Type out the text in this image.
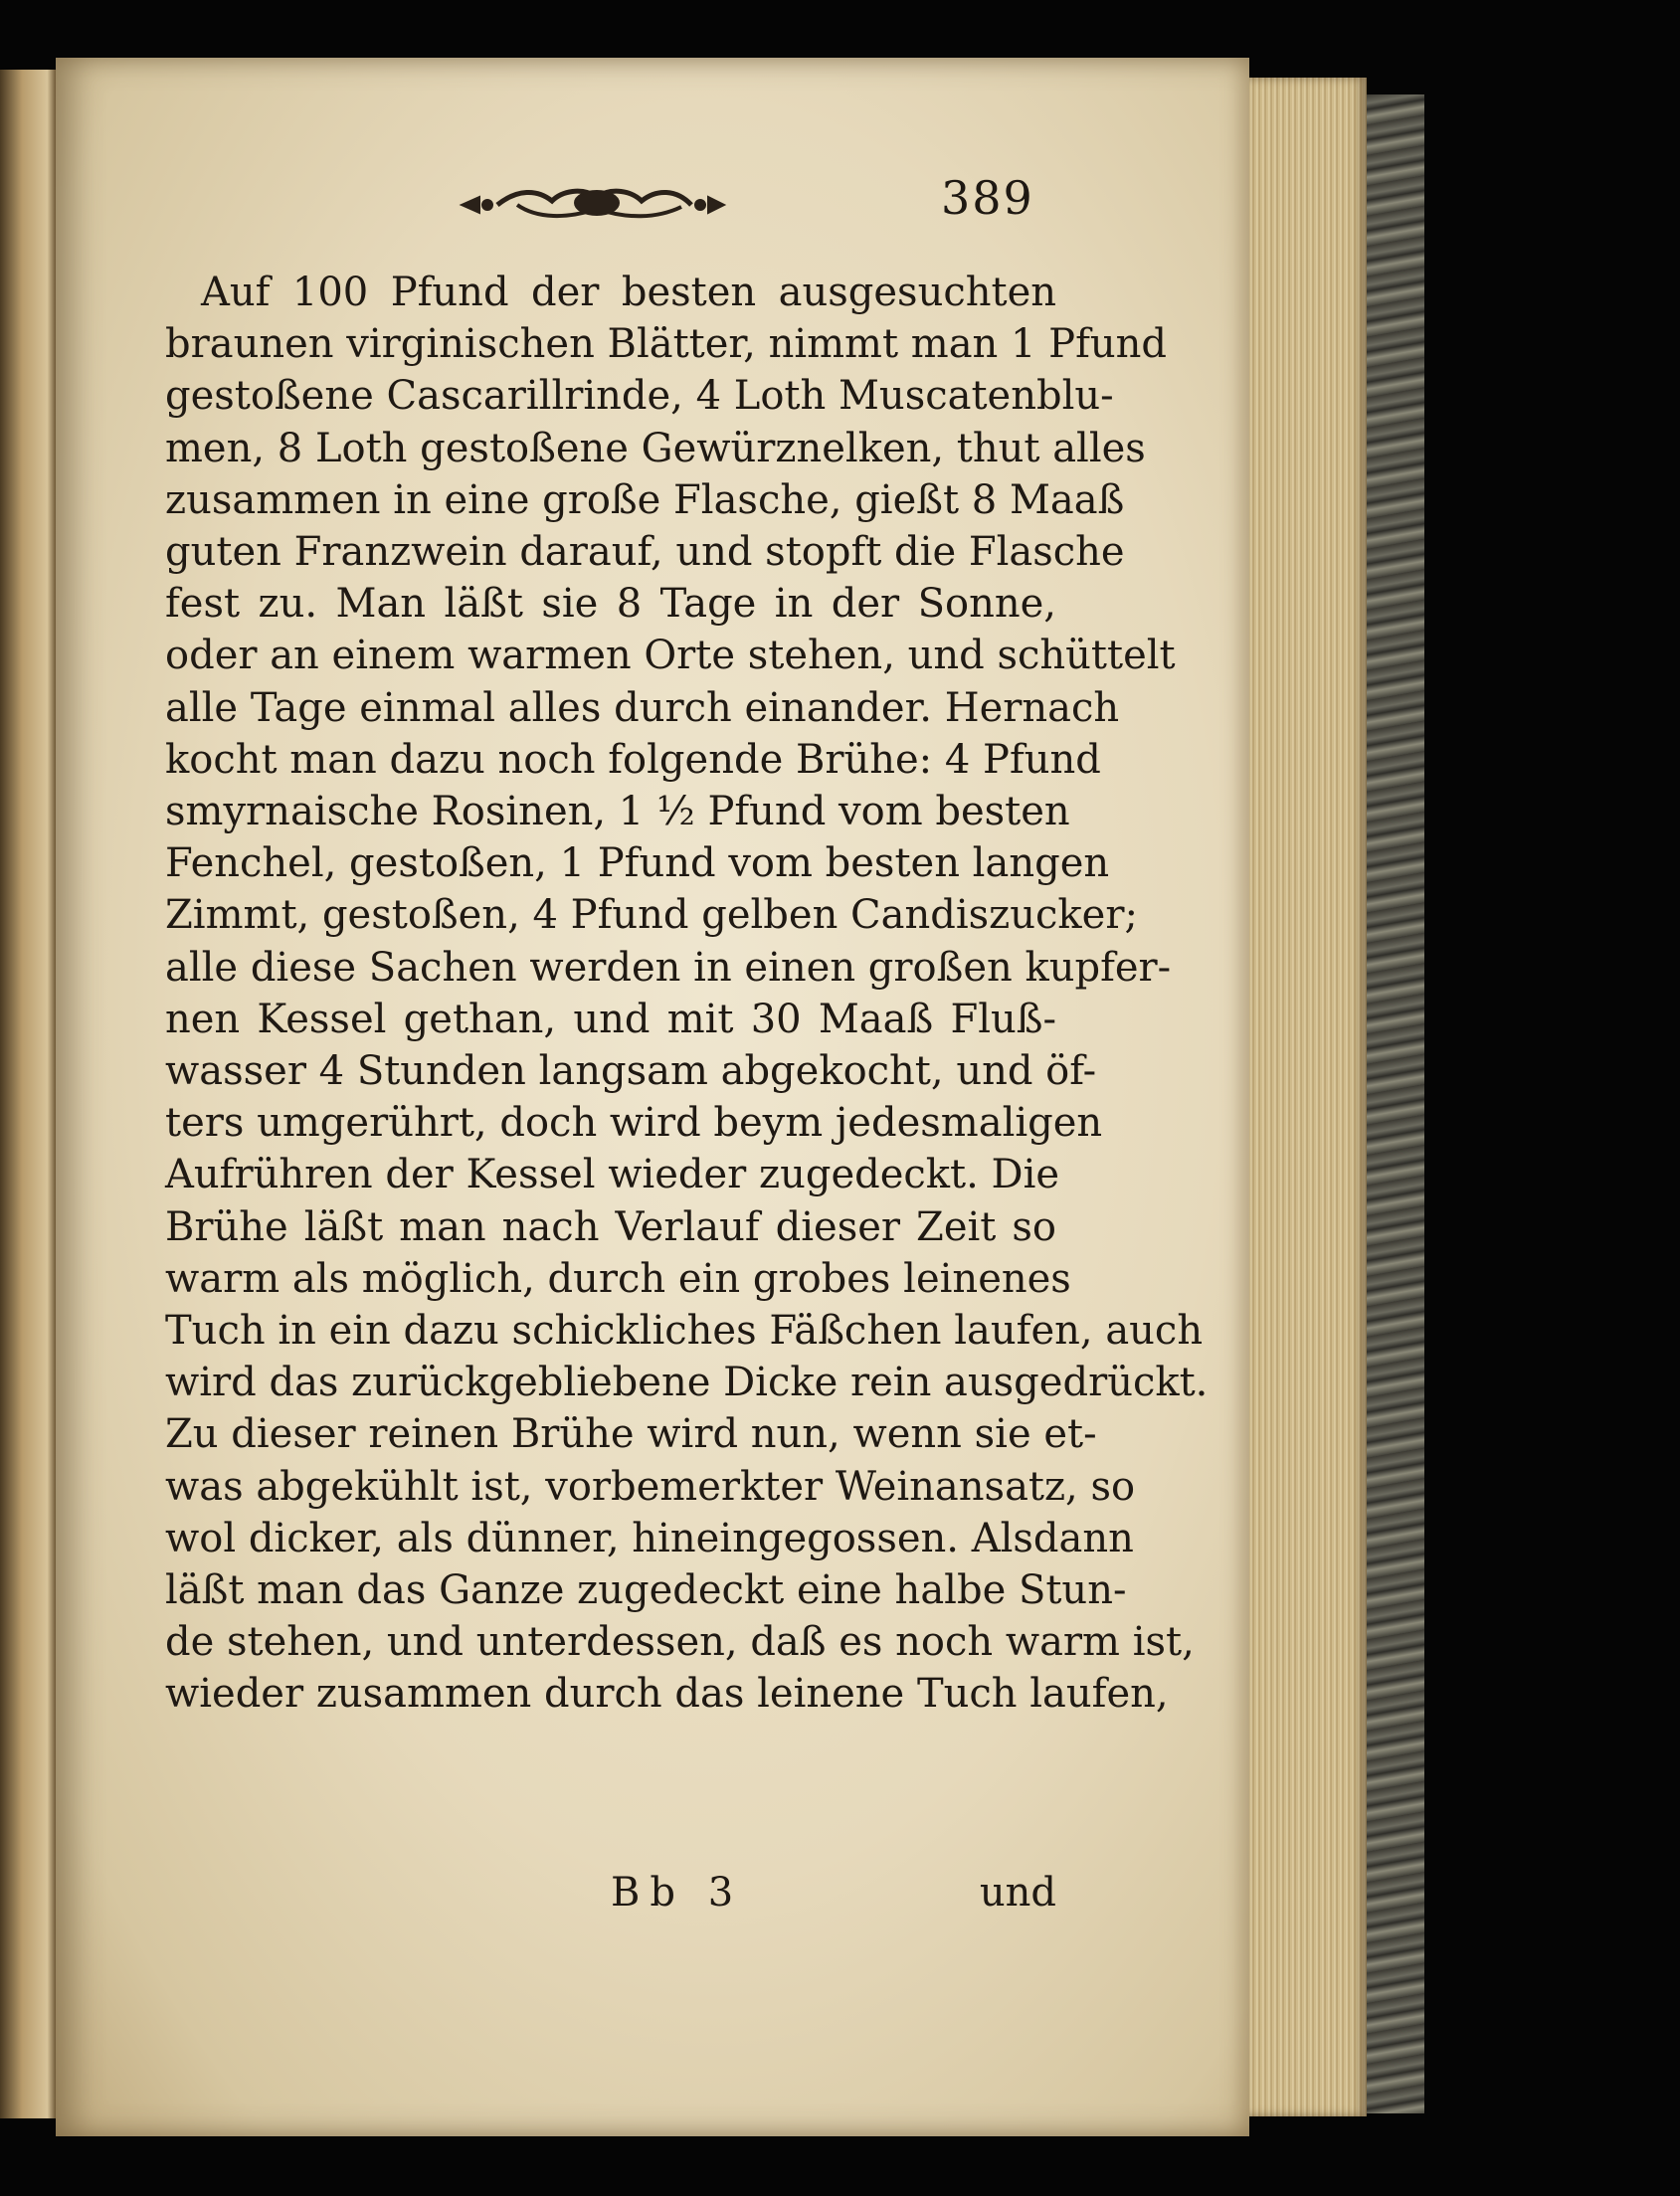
389
Auf 100 Pfund der besten ausgesuchten
braunen virginischen Blätter, nimmt man 1 Pfund
gestoßene Cascarillrinde, 4 Loth Muscatenblu-
men, 8 Loth gestoßene Gewürznelken, thut alles
zusammen in eine große Flasche, gießt 8 Maaß
guten Franzwein darauf, und stopft die Flasche
fest zu. Man läßt sie 8 Tage in der Sonne,
oder an einem warmen Orte stehen, und schüttelt
alle Tage einmal alles durch einander. Hernach
kocht man dazu noch folgende Brühe: 4 Pfund
smyrnaische Rosinen, 1 ½ Pfund vom besten
Fenchel, gestoßen, 1 Pfund vom besten langen
Zimmt, gestoßen, 4 Pfund gelben Candiszucker;
alle diese Sachen werden in einen großen kupfer-
nen Kessel gethan, und mit 30 Maaß Fluß-
wasser 4 Stunden langsam abgekocht, und öf-
ters umgerührt, doch wird beym jedesmaligen
Aufrühren der Kessel wieder zugedeckt. Die
Brühe läßt man nach Verlauf dieser Zeit so
warm als möglich, durch ein grobes leinenes
Tuch in ein dazu schickliches Fäßchen laufen, auch
wird das zurückgebliebene Dicke rein ausgedrückt.
Zu dieser reinen Brühe wird nun, wenn sie et-
was abgekühlt ist, vorbemerkter Weinansatz, so
wol dicker, als dünner, hineingegossen. Alsdann
läßt man das Ganze zugedeckt eine halbe Stun-
de stehen, und unterdessen, daß es noch warm ist,
wieder zusammen durch das leinene Tuch laufen,
Bb 3	und
